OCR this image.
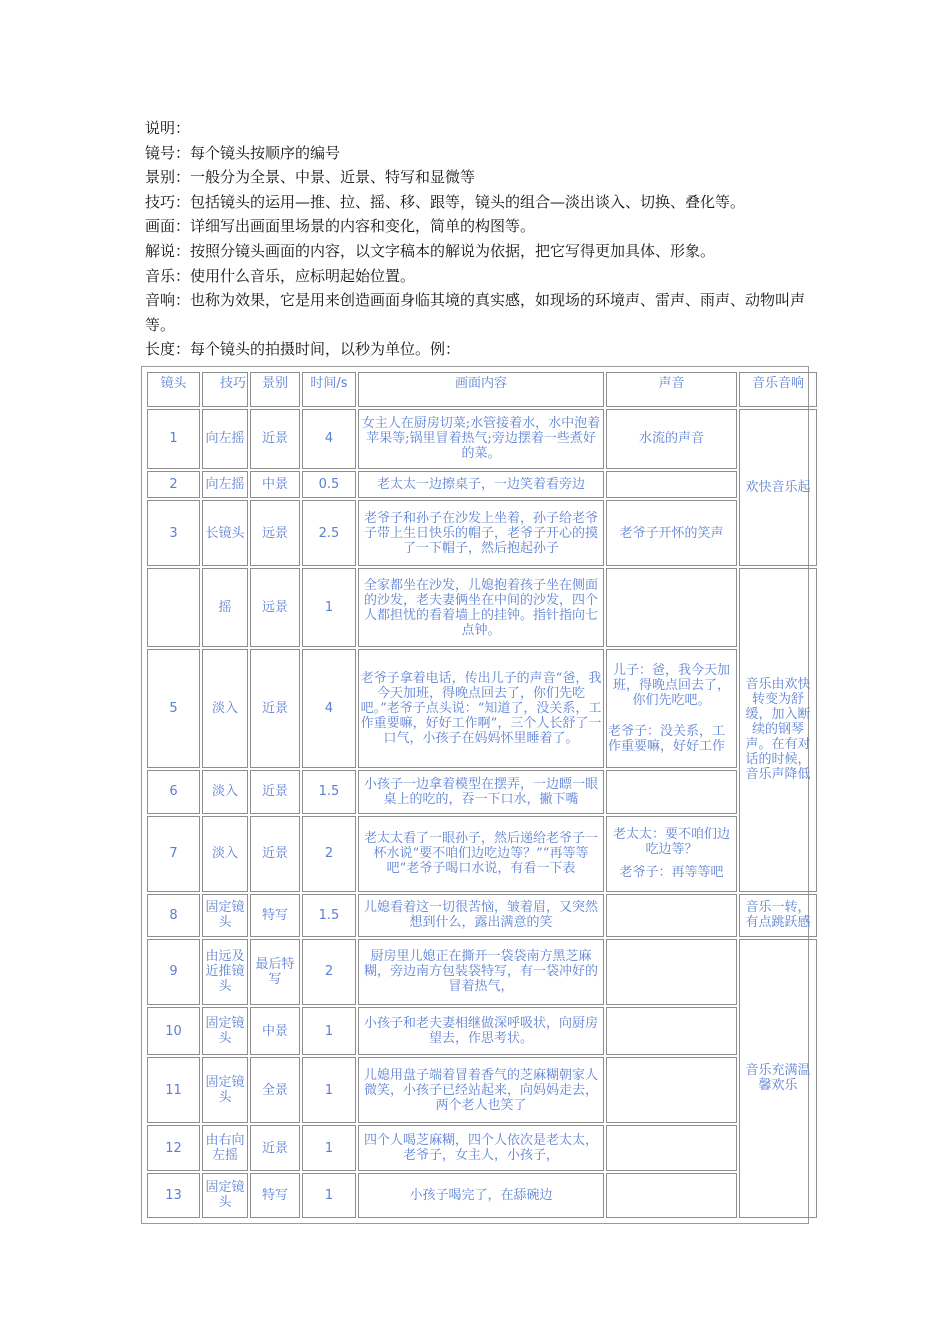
说明：

镜号：每个镜头按顺序的编号

景别：一般分为全景、中景、近景、特写和显微等

技巧：包括镜头的运用—推、拉、摇、移、跟等，镜头的组合—淡出谈入、切换、叠化等。

画面：详细写出画面里场景的内容和变化，简单的构图等。

解说：按照分镜头画面的内容，以文字稿本的解说为依据，把它写得更加具体、形象。

音乐：使用什么音乐，应标明起始位置。

音响：也称为效果，它是用来创造画面身临其境的真实感，如现场的环境声、雷声、雨声、动物叫声等。

长度：每个镜头的拍摄时间，以秒为单位。例：

镜头	技巧	景别	时间/s	画面内容	声音	音乐音响
1	向左摇	近景	4	女主人在厨房切菜;水管接着水，水中泡着苹果等;锅里冒着热气;旁边摆着一些煮好的菜。	水流的声音	欢快音乐起
2	向左摇	中景	0.5	老太太一边擦桌子，一边笑着看旁边		
3	长镜头	远景	2.5	老爷子和孙子在沙发上坐着，孙子给老爷子带上生日快乐的帽子，老爷子开心的摸了一下帽子，然后抱起孙子	老爷子开怀的笑声	
	摇	远景	1	全家都坐在沙发，儿媳抱着孩子坐在侧面的沙发，老夫妻俩坐在中间的沙发，四个人都担忧的看着墙上的挂钟。指针指向七点钟。		音乐由欢快转变为舒缓，加入断续的钢琴声。在有对话的时候，音乐声降低
5	淡入	近景	4	老爷子拿着电话，传出儿子的声音“爸，我今天加班，得晚点回去了，你们先吃吧。”老爷子点头说：“知道了，没关系，工作重要嘛，好好工作啊”，三个人长舒了一口气，小孩子在妈妈怀里睡着了。	儿子：爸，我今天加班，得晚点回去了，你们先吃吧。
老爷子：没关系，工作重要嘛，好好工作	

6	淡入	近景	1.5	小孩子一边拿着模型在摆弄，一边瞟一眼桌上的吃的，吞一下口水，撇下嘴		
7	淡入	近景	2	老太太看了一眼孙子，然后递给老爷子一杯水说“要不咱们边吃边等？”“再等等吧”老爷子喝口水说，有看一下表	老太太：要不咱们边吃边等？
老爷子：再等等吧	

8	固定镜头	特写	1.5	儿媳看着这一切很苦恼，皱着眉，又突然想到什么，露出满意的笑		音乐一转，有点跳跃感
9	由远及近推镜头	最后特写	2	厨房里儿媳正在撕开一袋袋南方黑芝麻糊，旁边南方包装袋特写，有一袋冲好的冒着热气，		音乐充满温馨欢乐
10	固定镜头	中景	1	小孩子和老夫妻相继做深呼吸状，向厨房望去，作思考状。		
11	固定镜头	全景	1	儿媳用盘子端着冒着香气的芝麻糊朝家人微笑，小孩子已经站起来，向妈妈走去，两个老人也笑了		
12	由右向左摇	近景	1	四个人喝芝麻糊，四个人依次是老太太，老爷子，女主人，小孩子，		
13	固定镜头	特写	1	小孩子喝完了，在舔碗边		
